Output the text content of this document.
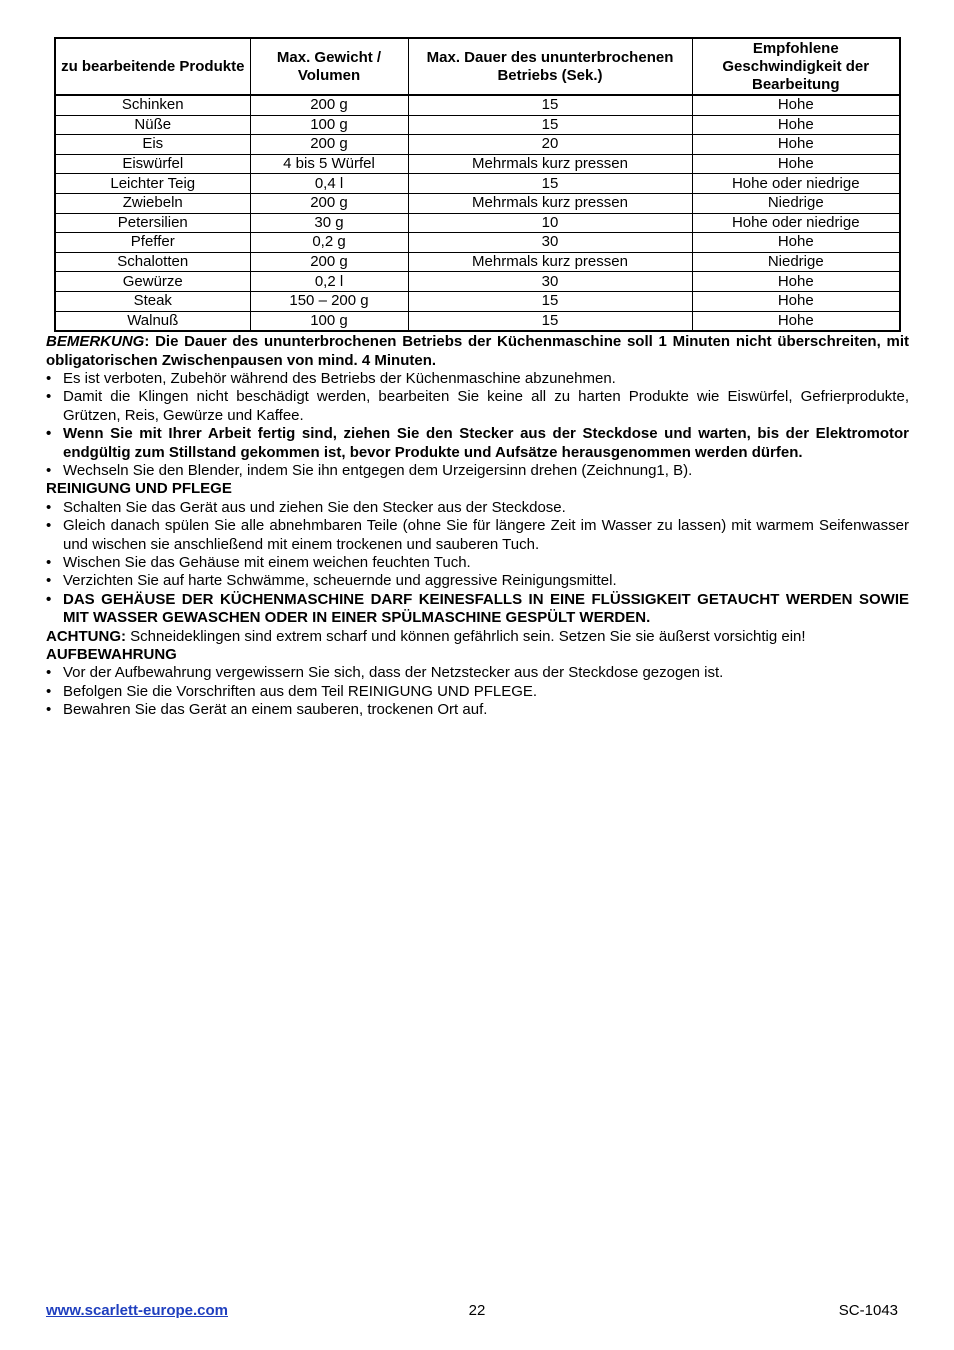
zu bearbeitende Produkte	Max. Gewicht / Volumen	Max. Dauer des ununterbrochenen Betriebs (Sek.)	Empfohlene Geschwindigkeit der Bearbeitung
Schinken	200 g	15	Hohe
Nüße	100 g	15	Hohe
Eis	200 g	20	Hohe
Eiswürfel	4 bis 5 Würfel	Mehrmals kurz pressen	Hohe
Leichter Teig	0,4 l	15	Hohe oder niedrige
Zwiebeln	200 g	Mehrmals kurz pressen	Niedrige
Petersilien	30 g	10	Hohe oder niedrige
Pfeffer	0,2 g	30	Hohe
Schalotten	200 g	Mehrmals kurz pressen	Niedrige
Gewürze	0,2 l	30	Hohe
Steak	150 – 200 g	15	Hohe
Walnuß	100 g	15	Hohe

BEMERKUNG: Die Dauer des ununterbrochenen Betriebs der Küchenmaschine soll 1 Minuten nicht überschreiten, mit obligatorischen Zwischenpausen von mind. 4 Minuten.

• Es ist verboten, Zubehör während des Betriebs der Küchenmaschine abzunehmen.
• Damit die Klingen nicht beschädigt werden, bearbeiten Sie keine all zu harten Produkte wie Eiswürfel, Gefrierprodukte, Grützen, Reis, Gewürze und Kaffee.
• Wenn Sie mit Ihrer Arbeit fertig sind, ziehen Sie den Stecker aus der Steckdose und warten, bis der Elektromotor endgültig zum Stillstand gekommen ist, bevor Produkte und Aufsätze herausgenommen werden dürfen.
• Wechseln Sie den Blender, indem Sie ihn entgegen dem Urzeigersinn drehen (Zeichnung1, B).

REINIGUNG UND PFLEGE

• Schalten Sie das Gerät aus und ziehen Sie den Stecker aus der Steckdose.
• Gleich danach spülen Sie alle abnehmbaren Teile (ohne Sie für längere Zeit im Wasser zu lassen) mit warmem Seifenwasser und wischen sie anschließend mit einem trockenen und sauberen Tuch.
• Wischen Sie das Gehäuse mit einem weichen feuchten Tuch.
• Verzichten Sie auf harte Schwämme, scheuernde und aggressive Reinigungsmittel.
• DAS GEHÄUSE DER KÜCHENMASCHINE DARF KEINESFALLS IN EINE FLÜSSIGKEIT GETAUCHT WERDEN SOWIE MIT WASSER GEWASCHEN ODER IN EINER SPÜLMASCHINE GESPÜLT WERDEN.

ACHTUNG: Schneideklingen sind extrem scharf und können gefährlich sein. Setzen Sie sie äußerst vorsichtig ein!

AUFBEWAHRUNG

• Vor der Aufbewahrung vergewissern Sie sich, dass der Netzstecker aus der Steckdose gezogen ist.
• Befolgen Sie die Vorschriften aus dem Teil REINIGUNG UND PFLEGE.
• Bewahren Sie das Gerät an einem sauberen, trockenen Ort auf.
www.scarlett-europe.com	22	SC-1043
